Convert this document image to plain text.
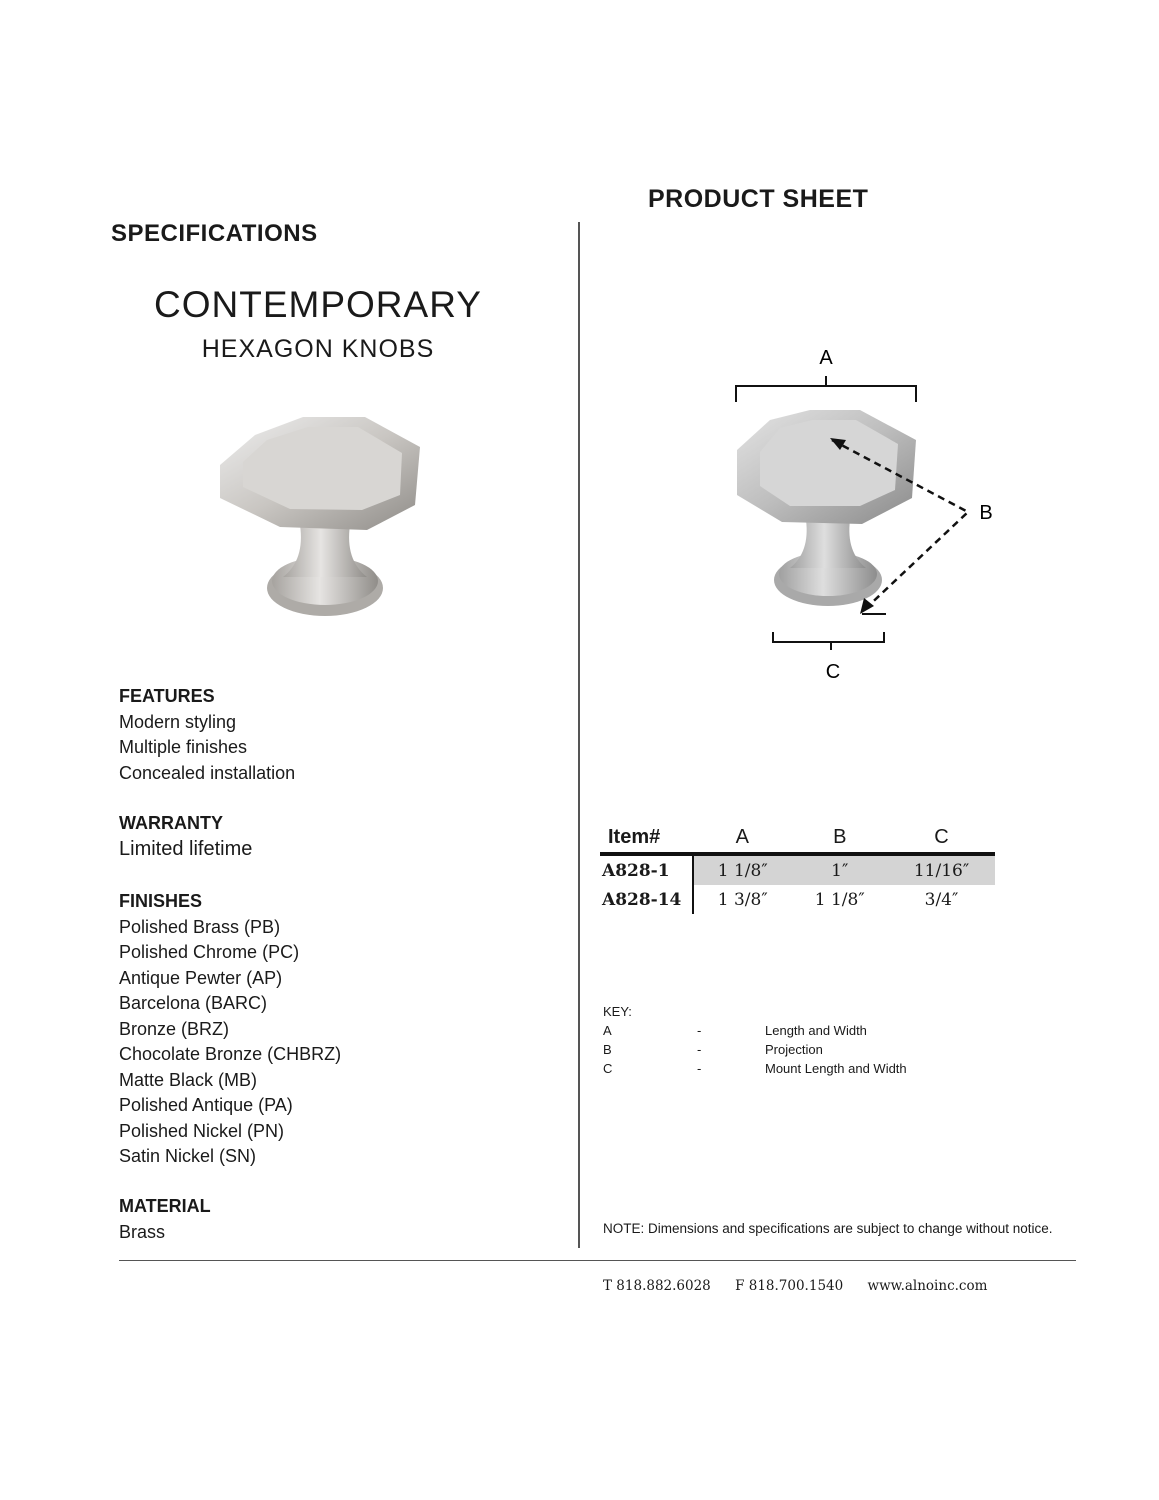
SPECIFICATIONS
CONTEMPORARY
HEXAGON KNOBS
FEATURES
Modern styling
Multiple finishes
Concealed installation
WARRANTY
Limited lifetime
FINISHES
Polished Brass (PB)
Polished Chrome (PC)
Antique Pewter (AP)
Barcelona (BARC)
Bronze (BRZ)
Chocolate Bronze (CHBRZ)
Matte Black (MB)
Polished Antique (PA)
Polished Nickel (PN)
Satin Nickel (SN)
MATERIAL
Brass
PRODUCT SHEET
A
B
C
Item#	A	B	C
A828-1	1 1/8″	1″	11/16″
A828-14	1 3/8″	1 1/8″	3/4″
KEY:
A	-	Length and Width
B	-	Projection
C	-	Mount Length and Width
NOTE: Dimensions and specifications are subject to change without notice.
T 818.882.6028 F 818.700.1540 www.alnoinc.com
